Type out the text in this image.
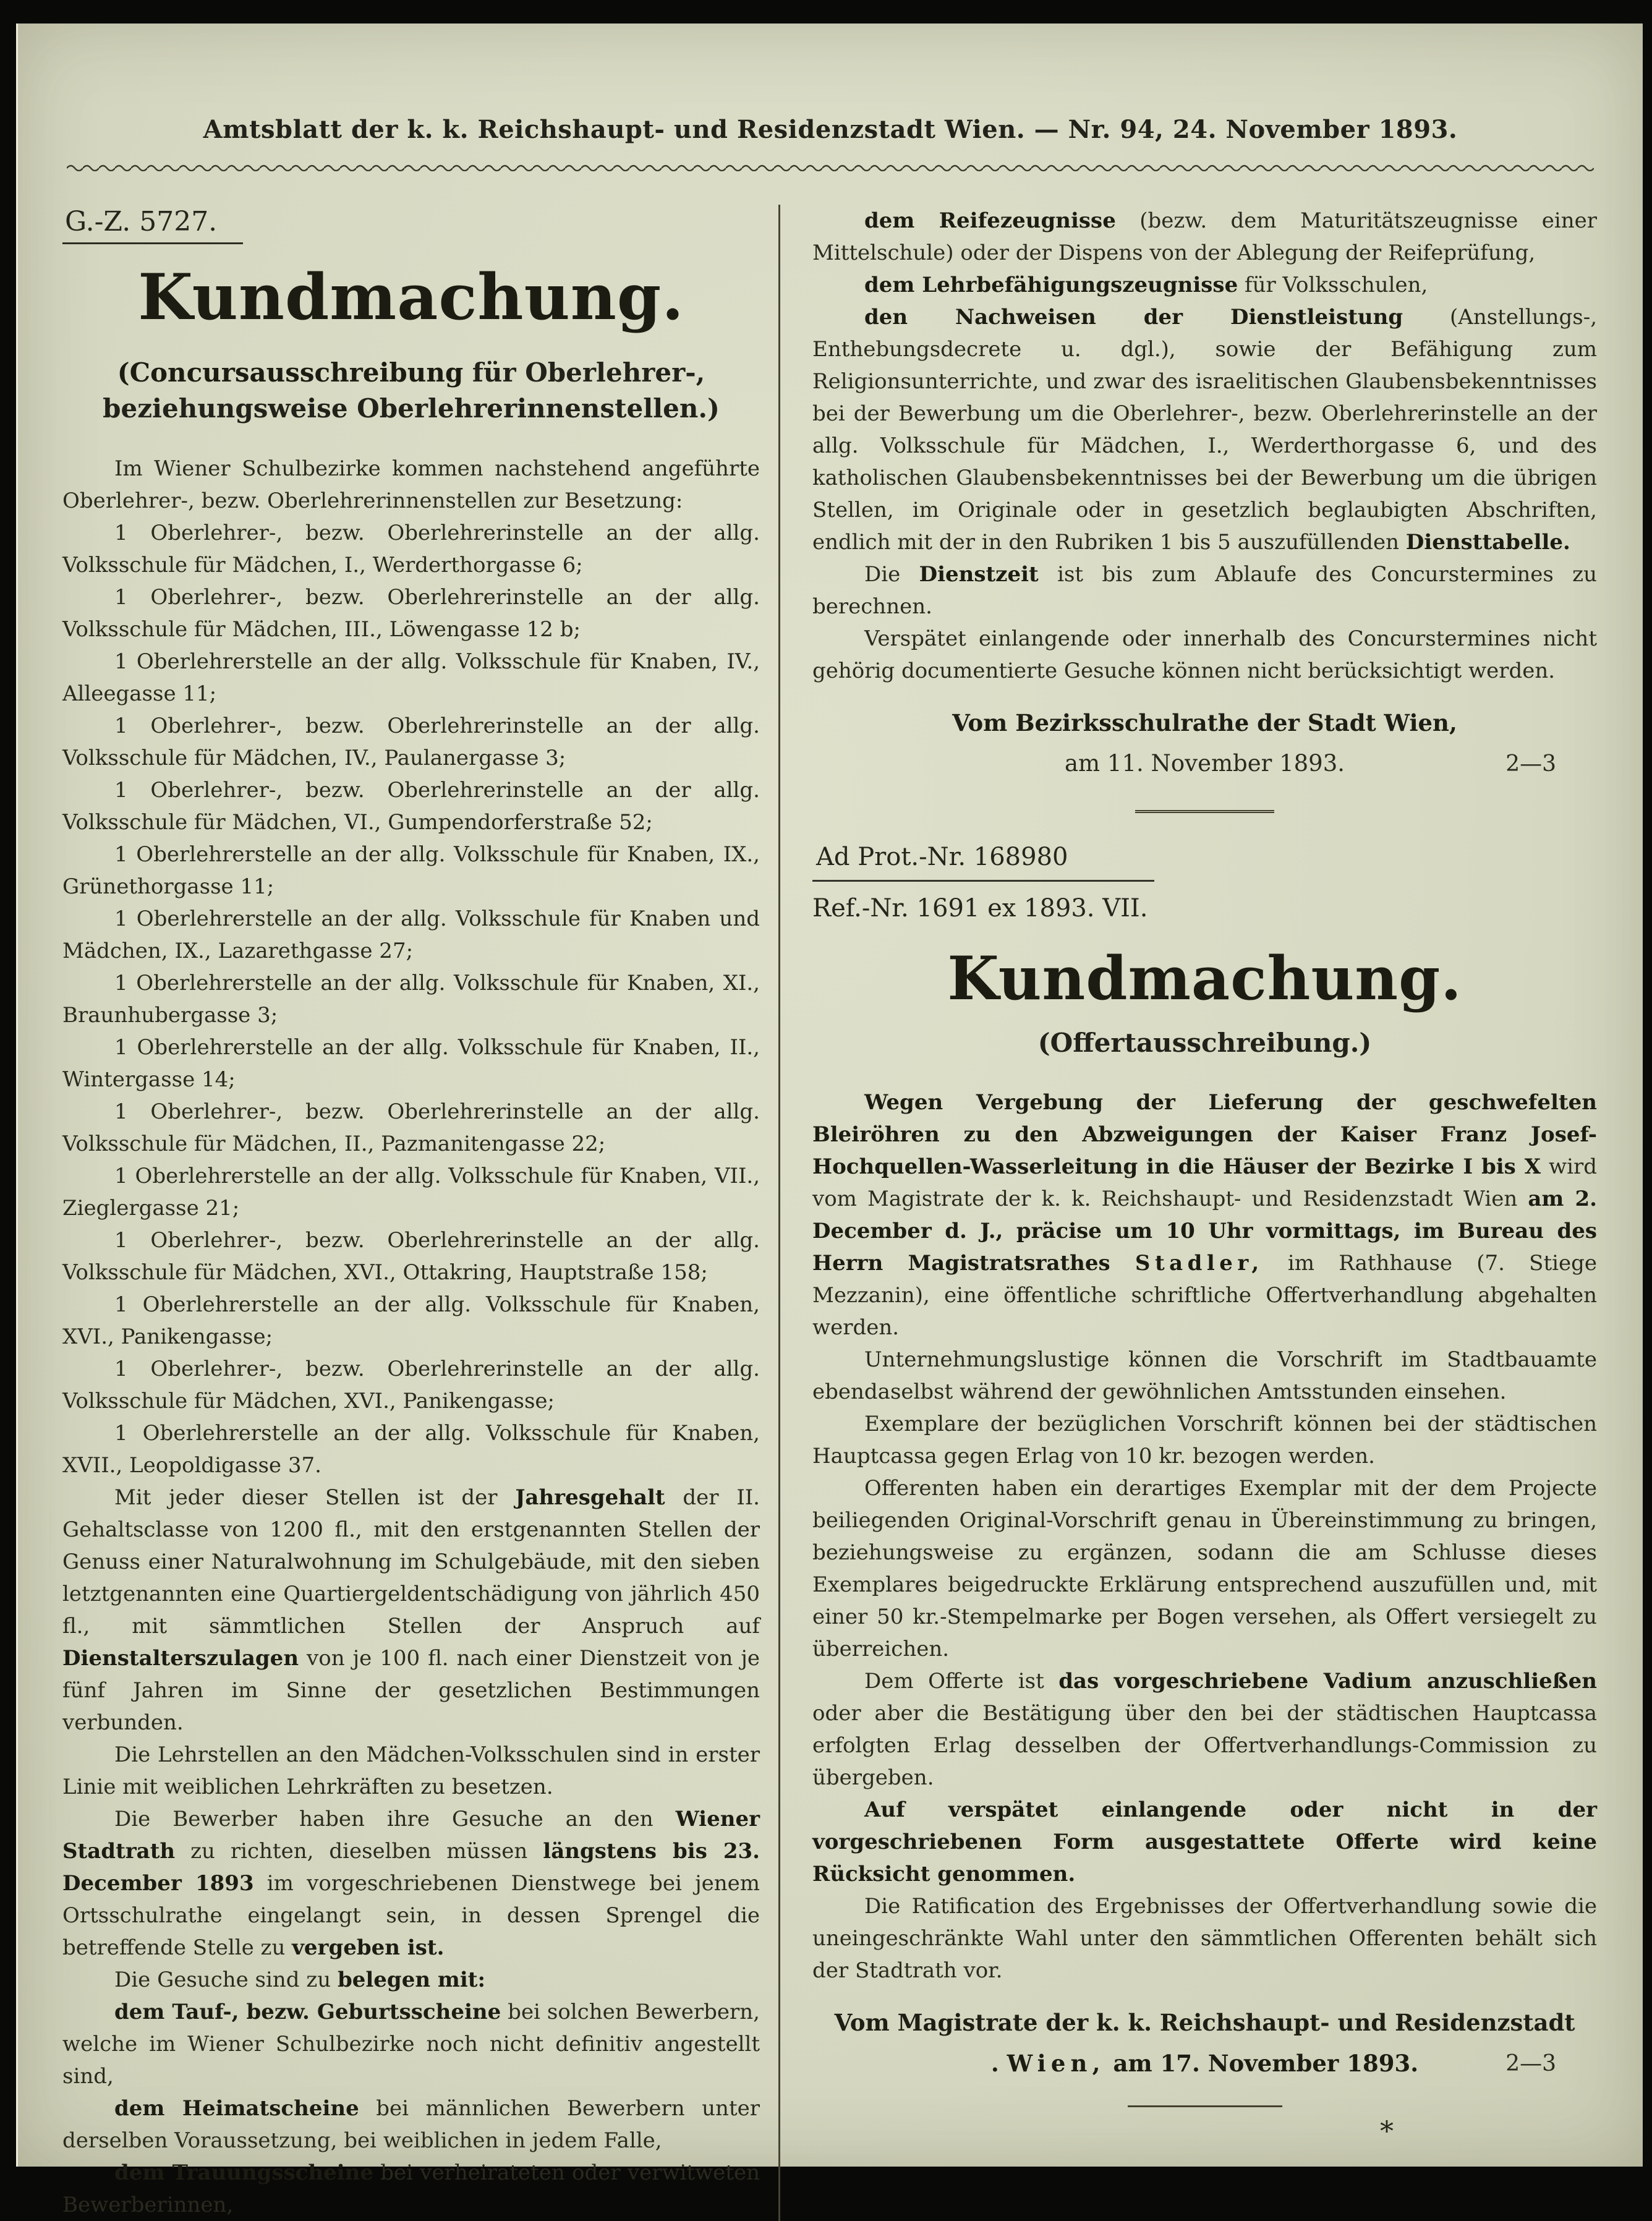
Amtsblatt der k. k. Reichshaupt- und Residenzstadt Wien. — Nr. 94, 24. November 1893.
G.-Z. 5727.
Kundmachung.
(Concursausschreibung für Oberlehrer-, beziehungsweise Oberlehrerinnenstellen.)

Im Wiener Schulbezirke kommen nachstehend angeführte Oberlehrer-, bezw. Oberlehrerinnenstellen zur Besetzung:

1 Oberlehrer-, bezw. Oberlehrerinstelle an der allg. Volksschule für Mädchen, I., Werderthorgasse 6;

1 Oberlehrer-, bezw. Oberlehrerinstelle an der allg. Volksschule für Mädchen, III., Löwengasse 12 b;

1 Oberlehrerstelle an der allg. Volksschule für Knaben, IV., Alleegasse 11;

1 Oberlehrer-, bezw. Oberlehrerinstelle an der allg. Volksschule für Mädchen, IV., Paulanergasse 3;

1 Oberlehrer-, bezw. Oberlehrerinstelle an der allg. Volksschule für Mädchen, VI., Gumpendorferstraße 52;

1 Oberlehrerstelle an der allg. Volksschule für Knaben, IX., Grünethorgasse 11;

1 Oberlehrerstelle an der allg. Volksschule für Knaben und Mädchen, IX., Lazarethgasse 27;

1 Oberlehrerstelle an der allg. Volksschule für Knaben, XI., Braunhubergasse 3;

1 Oberlehrerstelle an der allg. Volksschule für Knaben, II., Wintergasse 14;

1 Oberlehrer-, bezw. Oberlehrerinstelle an der allg. Volksschule für Mädchen, II., Pazmanitengasse 22;

1 Oberlehrerstelle an der allg. Volksschule für Knaben, VII., Zieglergasse 21;

1 Oberlehrer-, bezw. Oberlehrerinstelle an der allg. Volksschule für Mädchen, XVI., Ottakring, Hauptstraße 158;

1 Oberlehrerstelle an der allg. Volksschule für Knaben, XVI., Panikengasse;

1 Oberlehrer-, bezw. Oberlehrerinstelle an der allg. Volksschule für Mädchen, XVI., Panikengasse;

1 Oberlehrerstelle an der allg. Volksschule für Knaben, XVII., Leopoldigasse 37.

Mit jeder dieser Stellen ist der Jahresgehalt der II. Gehaltsclasse von 1200 fl., mit den erstgenannten Stellen der Genuss einer Naturalwohnung im Schulgebäude, mit den sieben letztgenannten eine Quartiergeldentschädigung von jährlich 450 fl., mit sämmtlichen Stellen der Anspruch auf Dienstalterszulagen von je 100 fl. nach einer Dienstzeit von je fünf Jahren im Sinne der gesetzlichen Bestimmungen verbunden.

Die Lehrstellen an den Mädchen-Volksschulen sind in erster Linie mit weiblichen Lehrkräften zu besetzen.

Die Bewerber haben ihre Gesuche an den Wiener Stadtrath zu richten, dieselben müssen längstens bis 23. December 1893 im vorgeschriebenen Dienstwege bei jenem Ortsschulrathe eingelangt sein, in dessen Sprengel die betreffende Stelle zu vergeben ist.

Die Gesuche sind zu belegen mit:

dem Tauf-, bezw. Geburtsscheine bei solchen Bewerbern, welche im Wiener Schulbezirke noch nicht definitiv angestellt sind,

dem Heimatscheine bei männlichen Bewerbern unter derselben Voraussetzung, bei weiblichen in jedem Falle,

dem Trauungsscheine bei verheirateten oder verwitweten Bewerberinnen,

dem Reifezeugnisse (bezw. dem Maturitätszeugnisse einer Mittelschule) oder der Dispens von der Ablegung der Reifeprüfung,

dem Lehrbefähigungszeugnisse für Volksschulen,

den Nachweisen der Dienstleistung (Anstellungs-, Enthebungsdecrete u. dgl.), sowie der Befähigung zum Religionsunterrichte, und zwar des israelitischen Glaubensbekenntnisses bei der Bewerbung um die Oberlehrer-, bezw. Oberlehrerinstelle an der allg. Volksschule für Mädchen, I., Werderthorgasse 6, und des katholischen Glaubensbekenntnisses bei der Bewerbung um die übrigen Stellen, im Originale oder in gesetzlich beglaubigten Abschriften, endlich mit der in den Rubriken 1 bis 5 auszufüllenden Diensttabelle.

Die Dienstzeit ist bis zum Ablaufe des Concurstermines zu berechnen.

Verspätet einlangende oder innerhalb des Concurstermines nicht gehörig documentierte Gesuche können nicht berücksichtigt werden.

Vom Bezirksschulrathe der Stadt Wien,
am 11. November 1893.	2—3
Ad Prot.-Nr. 168980
Ref.-Nr. 1691 ex 1893. VII.
Kundmachung.
(Offertausschreibung.)

Wegen Vergebung der Lieferung der geschwefelten Bleiröhren zu den Abzweigungen der Kaiser Franz Josef-Hochquellen-Wasserleitung in die Häuser der Bezirke I bis X wird vom Magistrate der k. k. Reichshaupt- und Residenzstadt Wien am 2. December d. J., präcise um 10 Uhr vormittags, im Bureau des Herrn Magistratsrathes Stadler, im Rathhause (7. Stiege Mezzanin), eine öffentliche schriftliche Offertverhandlung abgehalten werden.

Unternehmungslustige können die Vorschrift im Stadtbauamte ebendaselbst während der gewöhnlichen Amtsstunden einsehen.

Exemplare der bezüglichen Vorschrift können bei der städtischen Hauptcassa gegen Erlag von 10 kr. bezogen werden.

Offerenten haben ein derartiges Exemplar mit der dem Projecte beiliegenden Original-Vorschrift genau in Übereinstimmung zu bringen, beziehungsweise zu ergänzen, sodann die am Schlusse dieses Exemplares beigedruckte Erklärung entsprechend auszufüllen und, mit einer 50 kr.-Stempelmarke per Bogen versehen, als Offert versiegelt zu überreichen.

Dem Offerte ist das vorgeschriebene Vadium anzuschließen oder aber die Bestätigung über den bei der städtischen Hauptcassa erfolgten Erlag desselben der Offertverhandlungs-Commission zu übergeben.

Auf verspätet einlangende oder nicht in der vorgeschriebenen Form ausgestattete Offerte wird keine Rücksicht genommen.

Die Ratification des Ergebnisses der Offertverhandlung sowie die uneingeschränkte Wahl unter den sämmtlichen Offerenten behält sich der Stadtrath vor.

Vom Magistrate der k. k. Reichshaupt- und Residenzstadt
. Wien, am 17. November 1893.	2—3
*
